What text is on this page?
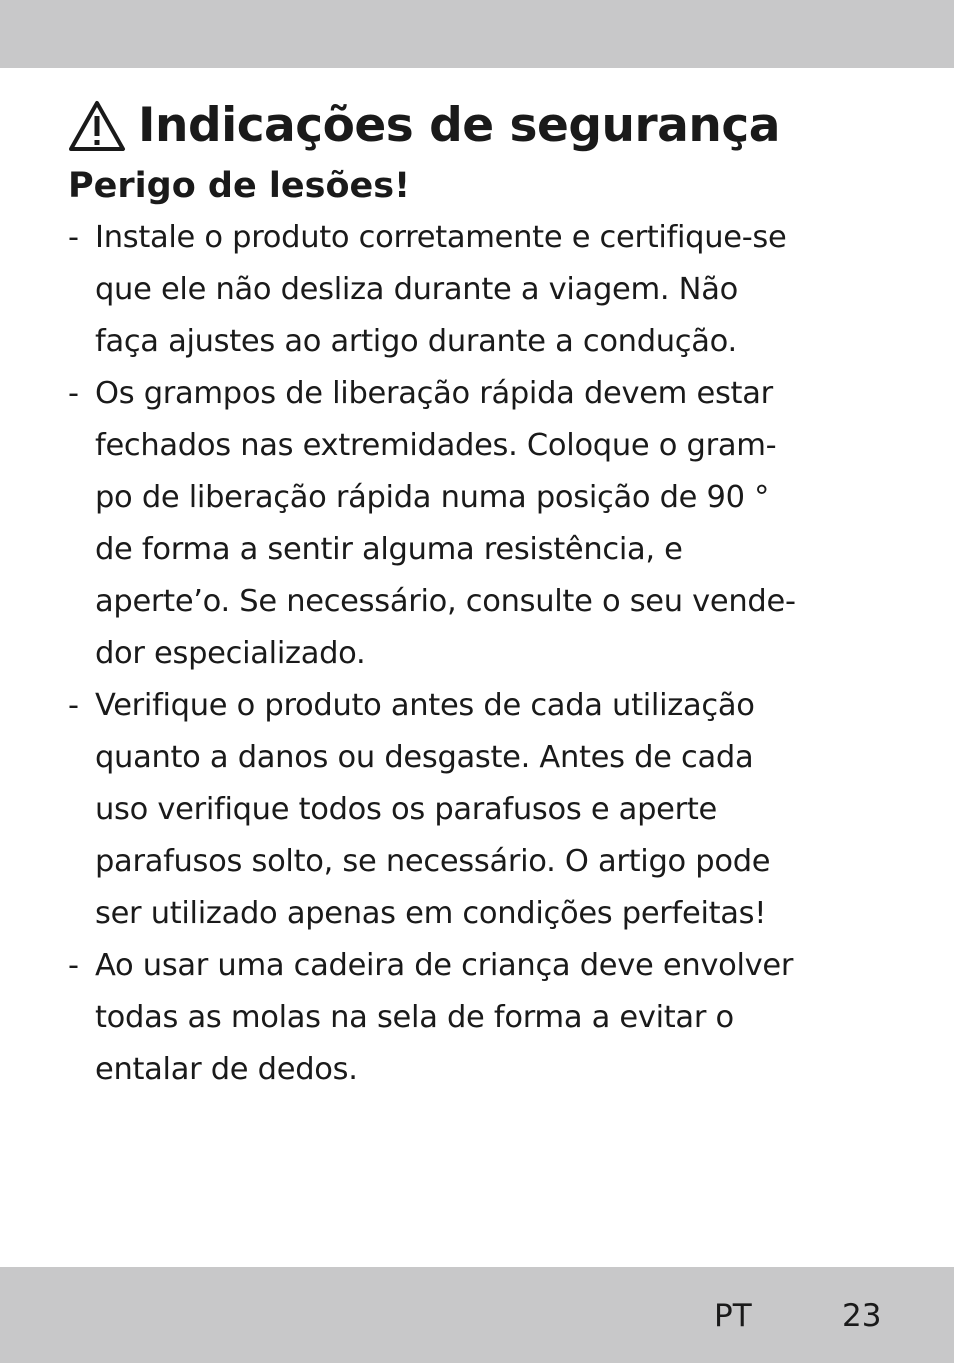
Indicações de segurança
Perigo de lesões!
- Instale o produto corretamente e certifique-se
que ele não desliza durante a viagem. Não
faça ajustes ao artigo durante a condução.
- Os grampos de liberação rápida devem estar
fechados nas extremidades. Coloque o gram-
po de liberação rápida numa posição de 90 °
de forma a sentir alguma resistência, e
aperte’o. Se necessário, consulte o seu vende-
dor especializado.
- Verifique o produto antes de cada utilização
quanto a danos ou desgaste. Antes de cada
uso verifique todos os parafusos e aperte
parafusos solto, se necessário. O artigo pode
ser utilizado apenas em condições perfeitas!
- Ao usar uma cadeira de criança deve envolver
todas as molas na sela de forma a evitar o
entalar de dedos.
PT	23
